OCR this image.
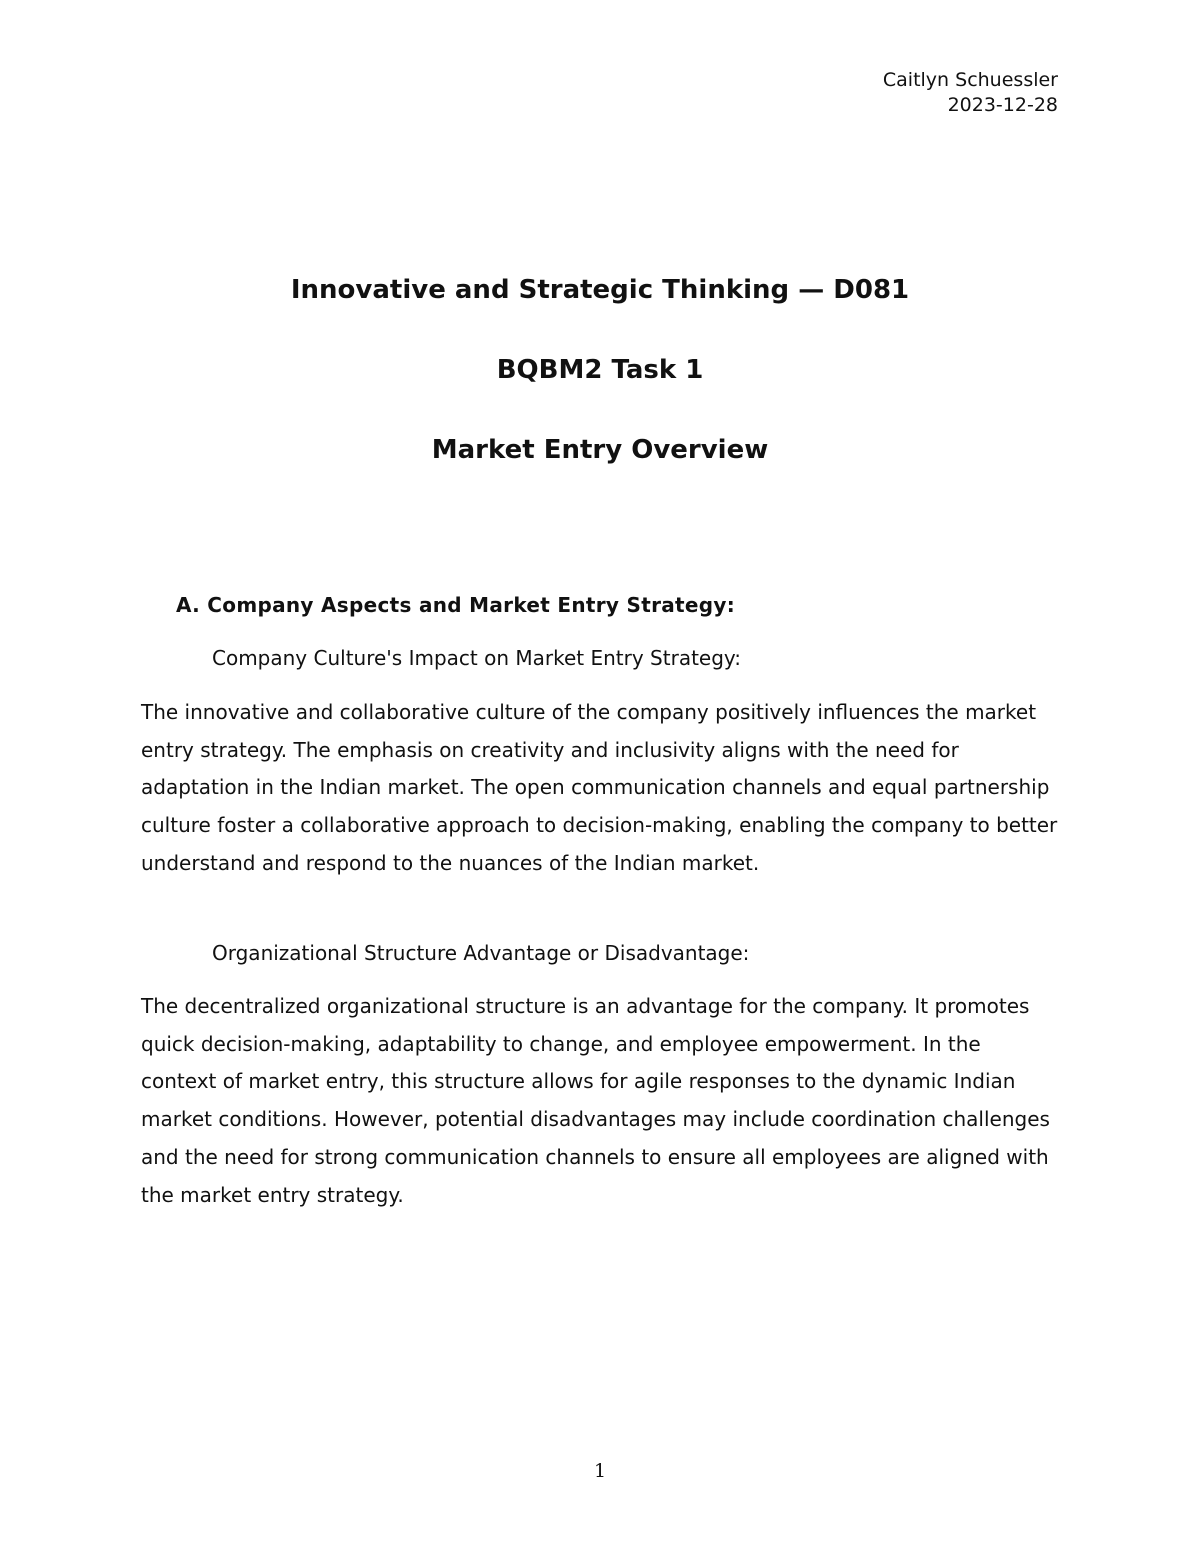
Caitlyn Schuessler
2023-12-28

Innovative and Strategic Thinking — D081

BQBM2 Task 1

Market Entry Overview

A. Company Aspects and Market Entry Strategy:
Company Culture's Impact on Market Entry Strategy:
The innovative and collaborative culture of the company positively influences the market entry strategy. The emphasis on creativity and inclusivity aligns with the need for adaptation in the Indian market. The open communication channels and equal partnership culture foster a collaborative approach to decision-making, enabling the company to better understand and respond to the nuances of the Indian market.
Organizational Structure Advantage or Disadvantage:
The decentralized organizational structure is an advantage for the company. It promotes quick decision-making, adaptability to change, and employee empowerment. In the context of market entry, this structure allows for agile responses to the dynamic Indian market conditions. However, potential disadvantages may include coordination challenges and the need for strong communication channels to ensure all employees are aligned with the market entry strategy.
1
